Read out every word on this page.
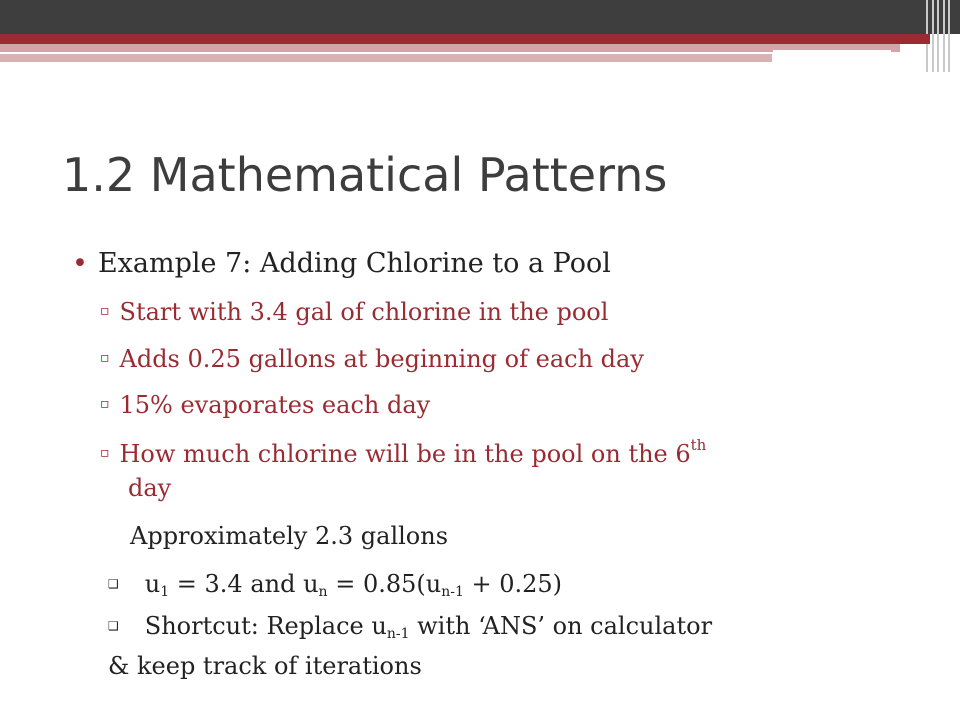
1.2 Mathematical Patterns
• Example 7: Adding Chlorine to a Pool
▫ Start with 3.4 gal of chlorine in the pool
▫ Adds 0.25 gallons at beginning of each day
▫ 15% evaporates each day
▫ How much chlorine will be in the pool on the 6th
day
Approximately 2.3 gallons
❑ $u_1 = 3.4$ and $u_n = 0.85(u_{n-1} + 0.25)$
❑ Shortcut: Replace $u_{n-1}$ with ‘ANS’ on calculator
& keep track of iterations
